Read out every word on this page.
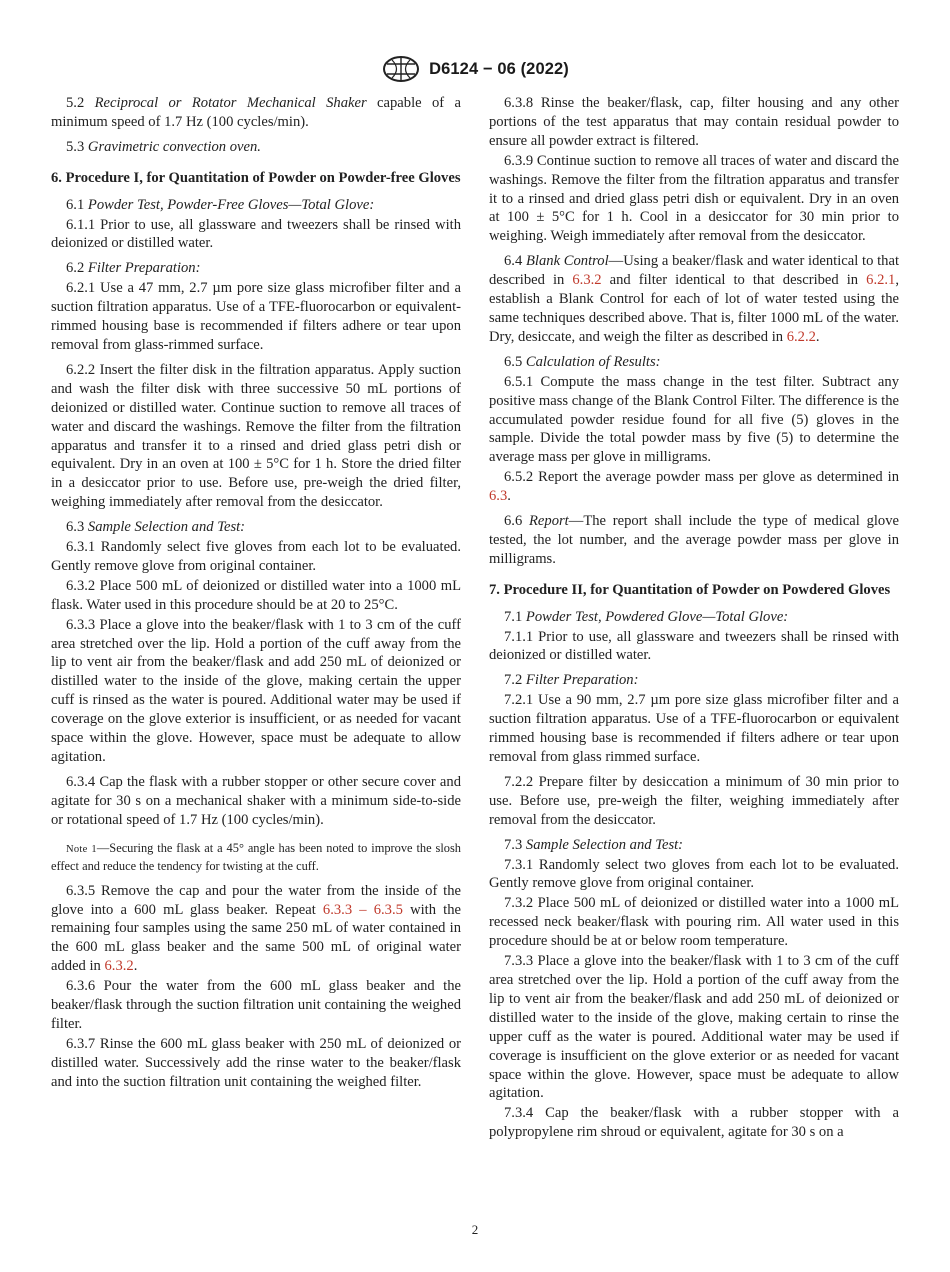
D6124 − 06 (2022)

5.2 Reciprocal or Rotator Mechanical Shaker capable of a minimum speed of 1.7 Hz (100 cycles/min).

5.3 Gravimetric convection oven.

6. Procedure I, for Quantitation of Powder on Powder-free Gloves

6.1 Powder Test, Powder-Free Gloves—Total Glove:

6.1.1 Prior to use, all glassware and tweezers shall be rinsed with deionized or distilled water.

6.2 Filter Preparation:

6.2.1 Use a 47 mm, 2.7 µm pore size glass microfiber filter and a suction filtration apparatus. Use of a TFE-fluorocarbon or equivalent-rimmed housing base is recommended if filters adhere or tear upon removal from glass-rimmed surface.

6.2.2 Insert the filter disk in the filtration apparatus. Apply suction and wash the filter disk with three successive 50 mL portions of deionized or distilled water. Continue suction to remove all traces of water and discard the washings. Remove the filter from the filtration apparatus and transfer it to a rinsed and dried glass petri dish or equivalent. Dry in an oven at 100 ± 5°C for 1 h. Store the dried filter in a desiccator prior to use. Before use, pre-weigh the dried filter, weighing immediately after removal from the desiccator.

6.3 Sample Selection and Test:

6.3.1 Randomly select five gloves from each lot to be evaluated. Gently remove glove from original container.

6.3.2 Place 500 mL of deionized or distilled water into a 1000 mL flask. Water used in this procedure should be at 20 to 25°C.

6.3.3 Place a glove into the beaker/flask with 1 to 3 cm of the cuff area stretched over the lip. Hold a portion of the cuff away from the lip to vent air from the beaker/flask and add 250 mL of deionized or distilled water to the inside of the glove, making certain the upper cuff is rinsed as the water is poured. Additional water may be used if coverage on the glove exterior is insufficient, or as needed for vacant space within the glove. However, space must be adequate to allow agitation.

6.3.4 Cap the flask with a rubber stopper or other secure cover and agitate for 30 s on a mechanical shaker with a minimum side-to-side or rotational speed of 1.7 Hz (100 cycles/min).

Note 1—Securing the flask at a 45° angle has been noted to improve the slosh effect and reduce the tendency for twisting at the cuff.

6.3.5 Remove the cap and pour the water from the inside of the glove into a 600 mL glass beaker. Repeat 6.3.3 – 6.3.5 with the remaining four samples using the same 250 mL of water contained in the 600 mL glass beaker and the same 500 mL of original water added in 6.3.2.

6.3.6 Pour the water from the 600 mL glass beaker and the beaker/flask through the suction filtration unit containing the weighed filter.

6.3.7 Rinse the 600 mL glass beaker with 250 mL of deionized or distilled water. Successively add the rinse water to the beaker/flask and into the suction filtration unit containing the weighed filter.

6.3.8 Rinse the beaker/flask, cap, filter housing and any other portions of the test apparatus that may contain residual powder to ensure all powder extract is filtered.

6.3.9 Continue suction to remove all traces of water and discard the washings. Remove the filter from the filtration apparatus and transfer it to a rinsed and dried glass petri dish or equivalent. Dry in an oven at 100 ± 5°C for 1 h. Cool in a desiccator for 30 min prior to weighing. Weigh immediately after removal from the desiccator.

6.4 Blank Control—Using a beaker/flask and water identical to that described in 6.3.2 and filter identical to that described in 6.2.1, establish a Blank Control for each of lot of water tested using the same techniques described above. That is, filter 1000 mL of the water. Dry, desiccate, and weigh the filter as described in 6.2.2.

6.5 Calculation of Results:

6.5.1 Compute the mass change in the test filter. Subtract any positive mass change of the Blank Control Filter. The difference is the accumulated powder residue found for all five (5) gloves in the sample. Divide the total powder mass by five (5) to determine the average mass per glove in milligrams.

6.5.2 Report the average powder mass per glove as determined in 6.3.

6.6 Report—The report shall include the type of medical glove tested, the lot number, and the average powder mass per glove in milligrams.

7. Procedure II, for Quantitation of Powder on Powdered Gloves

7.1 Powder Test, Powdered Glove—Total Glove:

7.1.1 Prior to use, all glassware and tweezers shall be rinsed with deionized or distilled water.

7.2 Filter Preparation:

7.2.1 Use a 90 mm, 2.7 µm pore size glass microfiber filter and a suction filtration apparatus. Use of a TFE-fluorocarbon or equivalent rimmed housing base is recommended if filters adhere or tear upon removal from glass rimmed surface.

7.2.2 Prepare filter by desiccation a minimum of 30 min prior to use. Before use, pre-weigh the filter, weighing immediately after removal from the desiccator.

7.3 Sample Selection and Test:

7.3.1 Randomly select two gloves from each lot to be evaluated. Gently remove glove from original container.

7.3.2 Place 500 mL of deionized or distilled water into a 1000 mL recessed neck beaker/flask with pouring rim. All water used in this procedure should be at or below room temperature.

7.3.3 Place a glove into the beaker/flask with 1 to 3 cm of the cuff area stretched over the lip. Hold a portion of the cuff away from the lip to vent air from the beaker/flask and add 250 mL of deionized or distilled water to the inside of the glove, making certain to rinse the upper cuff as the water is poured. Additional water may be used if coverage is insufficient on the glove exterior or as needed for vacant space within the glove. However, space must be adequate to allow agitation.

7.3.4 Cap the beaker/flask with a rubber stopper with a polypropylene rim shroud or equivalent, agitate for 30 s on a

2
